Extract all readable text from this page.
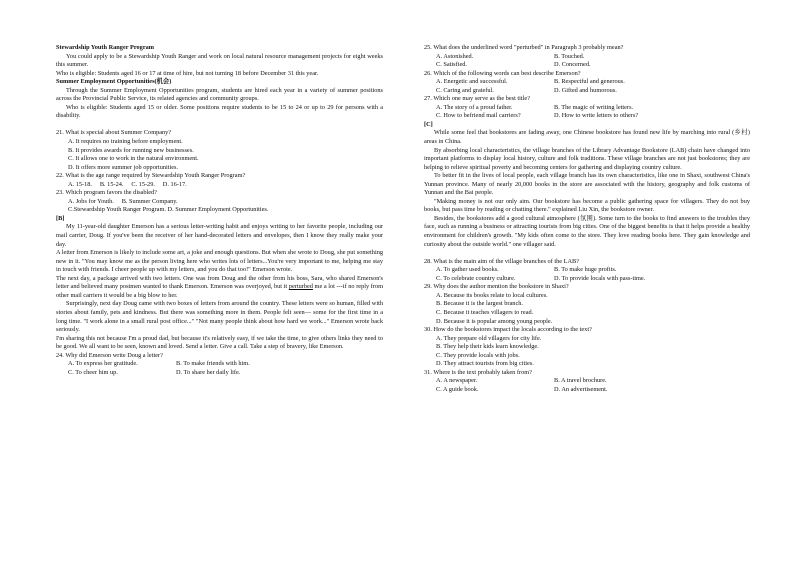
Stewardship Youth Ranger Program

You could apply to be a Stewardship Youth Ranger and work on local natural resource management projects for eight weeks this summer.

Who is eligible: Students aged 16 or 17 at time of hire, but not turning 18 before December 31 this year.

Summer Employment Opportunities(机会)

Through the Summer Employment Opportunities program, students are hired each year in a variety of summer positions across the Provincial Public Service, its related agencies and community groups.

Who is eligible: Students aged 15 or older. Some positions require students to be 15 to 24 or up to 29 for persons with a disability.

21. What is special about Summer Company?

A. It requires no training before employment.

B. It provides awards for running new businesses.

C. It allows one to work in the natural environment.

D. It offers more summer job opportunities.

22. What is the age range required by Stewardship Youth Ranger Program?

A. 15-18.     B. 15-24.     C. 15-29.     D. 16-17.

23. Which program favors the disabled?

A. Jobs for Youth.     B. Summer Company.

C.Stewardship Youth Ranger Program. D. Summer Employment Opportunities.

[B]

My 11-year-old daughter Emerson has a serious letter-writing habit and enjoys writing to her favorite people, including our mail carrier, Doug. If you've been the receiver of her hand-decorated letters and envelopes, then I know they really make your day.

A letter from Emerson is likely to include some art, a joke and enough questions. But when she wrote to Doug, she put something new in it. "You may know me as the person living here who writes lots of letters...You're very important to me, helping me stay in touch with friends. I cheer people up with my letters, and you do that too!" Emerson wrote.

The next day, a package arrived with two letters. One was from Doug and the other from his boss, Sara, who shared Emerson's letter and believed many postmen wanted to thank Emerson. Emerson was overjoyed, but it perturbed me a lot ---if no reply from other mail carriers it would be a big blow to her.

Surprisingly, next day Doug came with two boxes of letters from around the country. These letters were so human, filled with stories about family, pets and kindness. But there was something more in them. People felt seen— some for the first time in a long time. "I work alone in a small rural post office..." "Not many people think about how hard we work..." Emerson wrote back seriously.

I'm sharing this not because I'm a proud dad, but because it's relatively easy, if we take the time, to give others links they need to be good. We all want to be seen, known and loved. Send a letter. Give a call. Take a step of bravery, like Emerson.

24. Why did Emerson write Doug a letter?

A. To express her gratitude.	B. To make friends with him.
C. To cheer him up.	D. To share her daily life.

25. What does the underlined word "perturbed" in Paragraph 3 probably mean?

A. Astonished.	B. Touched.
C. Satisfied.	D. Concerned.

26. Which of the following words can best describe Emerson?

A. Energetic and successful.	B. Respectful and generous.
C. Caring and grateful.	D. Gifted and humorous.

27. Which one may serve as the best title?

A. The story of a proud father.	B. The magic of writing letters.
C. How to befriend mail carriers?	D. How to write letters to others?

[C]

While some feel that bookstores are fading away, one Chinese bookstore has found new life by marching into rural (乡村) areas in China.

By absorbing local characteristics, the village branches of the Library Advantage Bookstore (LAB) chain have changed into important platforms to display local history, culture and folk traditions. These village branches are not just bookstores; they are helping to relieve spiritual poverty and becoming centers for gathering and displaying country culture.

To better fit in the lives of local people, each village branch has its own characteristics, like one in Shaxi, southwest China's Yunnan province. Many of nearly 20,000 books in the store are associated with the history, geography and folk customs of Yunnan and the Bai people.

"Making money is not our only aim. Our bookstore has become a public gathering space for villagers. They do not buy books, but pass time by reading or chatting there." explained Liu Xin, the bookstore owner.

Besides, the bookstores add a good cultural atmosphere (氛围). Some turn to the books to find answers to the troubles they face, such as running a business or attracting tourists from big cities. One of the biggest benefits is that it helps provide a healthy environment for children's growth. "My kids often come to the store. They love reading books here. They gain knowledge and curiosity about the outside world." one villager said.

28. What is the main aim of the village branches of the LAB?

A. To gather used books.	B. To make huge profits.
C. To celebrate country culture.	D. To provide locals with pass-time.

29. Why does the author mention the bookstore in Shaxi?

A. Because its books relate to local cultures.

B. Because it is the largest branch.

C. Because it teaches villagers to read.

D. Because it is popular among young people.

30. How do the bookstores impact the locals according to the text?

A. They prepare old villagers for city life.

B. They help their kids learn knowledge.

C. They provide locals with jobs.

D. They attract tourists from big cities.

31. Where is the text probably taken from?

A. A newspaper.	B. A travel brochure.
C. A guide book.	D. An advertisement.
